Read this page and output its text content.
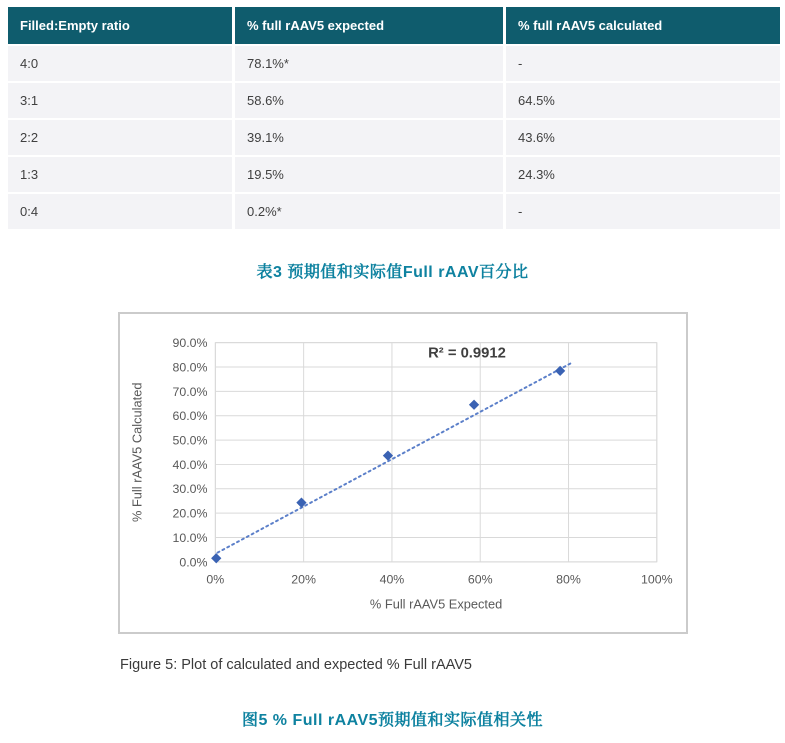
Filled:Empty ratio	% full rAAV5 expected	% full rAAV5 calculated
4:0	78.1%*	-
3:1	58.6%	64.5%
2:2	39.1%	43.6%
1:3	19.5%	24.3%
0:4	0.2%*	-
表3 预期值和实际值Full rAAV百分比
0.0%
10.0%
20.0%
30.0%
40.0%
50.0%
60.0%
70.0%
80.0%
90.0%
0%	20%	40%	60%	80%	100%
% Full rAAV5 Expected
% Full rAAV5 Calculated
R² = 0.9912
Figure 5: Plot of calculated and expected % Full rAAV5
图5 % Full rAAV5预期值和实际值相关性
